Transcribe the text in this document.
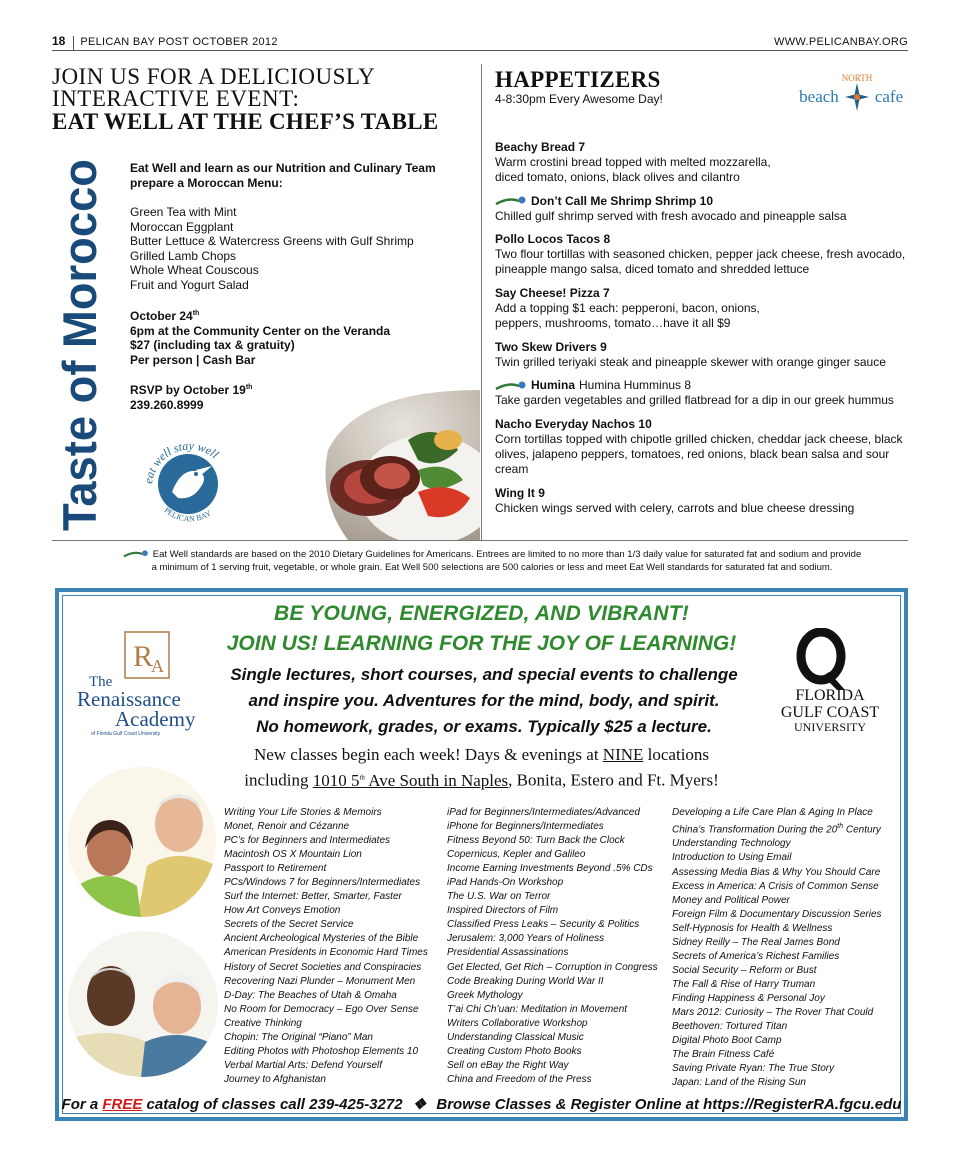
18	PELICAN BAY POST OCTOBER 2012	WWW.PELICANBAY.ORG
JOIN US FOR A DELICIOUSLY
INTERACTIVE EVENT:
EAT WELL AT THE CHEF’S TABLE
Taste of Morocco Eat Well and learn as our Nutrition and Culinary Team
prepare a Moroccan Menu:
Green Tea with Mint
Moroccan Eggplant
Butter Lettuce & Watercress Greens with Gulf Shrimp
Grilled Lamb Chops
Whole Wheat Couscous
Fruit and Yogurt Salad
October 24th
6pm at the Community Center on the Veranda
$27 (including tax & gratuity)
Per person | Cash Bar
RSVP by October 19th
239.260.8999
eat well stay well
PELICAN BAY
HAPPETIZERS
4-8:30pm Every Awesome Day!
NORTH
beach cafe
Beachy Bread 7
Warm crostini bread topped with melted mozzarella,
diced tomato, onions, black olives and cilantro
Don’t Call Me Shrimp Shrimp 10
Chilled gulf shrimp served with fresh avocado and pineapple salsa
Pollo Locos Tacos 8
Two flour tortillas with seasoned chicken, pepper jack cheese, fresh avocado,
pineapple mango salsa, diced tomato and shredded lettuce
Say Cheese! Pizza 7
Add a topping $1 each: pepperoni, bacon, onions,
peppers, mushrooms, tomato…have it all $9
Two Skew Drivers 9
Twin grilled teriyaki steak and pineapple skewer with orange ginger sauce
Humina Humina Humminus 8
Take garden vegetables and grilled flatbread for a dip in our greek hummus
Nacho Everyday Nachos 10
Corn tortillas topped with chipotle grilled chicken, cheddar jack cheese, black
olives, jalapeno peppers, tomatoes, red onions, black bean salsa and sour cream
Wing It 9
Chicken wings served with celery, carrots and blue cheese dressing
Eat Well standards are based on the 2010 Dietary Guidelines for Americans. Entrees are limited to no more than 1/3 daily value for saturated fat and sodium and provide
a minimum of 1 serving fruit, vegetable, or whole grain. Eat Well 500 selections are 500 calories or less and meet Eat Well standards for saturated fat and sodium.
BE YOUNG, ENERGIZED, AND VIBRANT!
JOIN US! LEARNING FOR THE JOY OF LEARNING!
Single lectures, short courses, and special events to challenge
and inspire you. Adventures for the mind, body, and spirit.
No homework, grades, or exams. Typically $25 a lecture.
New classes begin each week! Days & evenings at NINE locations
including 1010 5th Ave South in Naples, Bonita, Estero and Ft. Myers!
R
A
The
Renaissance
Academy
of Florida Gulf Coast University
FLORIDA
GULF COAST
UNIVERSITY
Writing Your Life Stories & Memoirs
Monet, Renoir and Cézanne
PC’s for Beginners and Intermediates
Macintosh OS X Mountain Lion
Passport to Retirement
PCs/Windows 7 for Beginners/Intermediates
Surf the Internet: Better, Smarter, Faster
How Art Conveys Emotion
Secrets of the Secret Service
Ancient Archeological Mysteries of the Bible
American Presidents in Economic Hard Times
History of Secret Societies and Conspiracies
Recovering Nazi Plunder – Monument Men
D-Day: The Beaches of Utah & Omaha
No Room for Democracy – Ego Over Sense
Creative Thinking
Chopin: The Original “Piano” Man
Editing Photos with Photoshop Elements 10
Verbal Martial Arts: Defend Yourself
Journey to Afghanistan
iPad for Beginners/Intermediates/Advanced
iPhone for Beginners/Intermediates
Fitness Beyond 50: Turn Back the Clock
Copernicus, Kepler and Galileo
Income Earning Investments Beyond .5% CDs
iPad Hands-On Workshop
The U.S. War on Terror
Inspired Directors of Film
Classified Press Leaks – Security & Politics
Jerusalem: 3,000 Years of Holiness
Presidential Assassinations
Get Elected, Get Rich – Corruption in Congress
Code Breaking During World War II
Greek Mythology
T’ai Chi Ch’uan: Meditation in Movement
Writers Collaborative Workshop
Understanding Classical Music
Creating Custom Photo Books
Sell on eBay the Right Way
China and Freedom of the Press
Developing a Life Care Plan & Aging In Place
China’s Transformation During the 20th Century
Understanding Technology
Introduction to Using Email
Assessing Media Bias & Why You Should Care
Excess in America: A Crisis of Common Sense
Money and Political Power
Foreign Film & Documentary Discussion Series
Self-Hypnosis for Health & Wellness
Sidney Reilly – The Real James Bond
Secrets of America’s Richest Families
Social Security – Reform or Bust
The Fall & Rise of Harry Truman
Finding Happiness & Personal Joy
Mars 2012: Curiosity – The Rover That Could
Beethoven: Tortured Titan
Digital Photo Boot Camp
The Brain Fitness Café
Saving Private Ryan: The True Story
Japan: Land of the Rising Sun
For a FREE catalog of classes call 239-425-3272 ❖ Browse Classes & Register Online at https://RegisterRA.fgcu.edu
